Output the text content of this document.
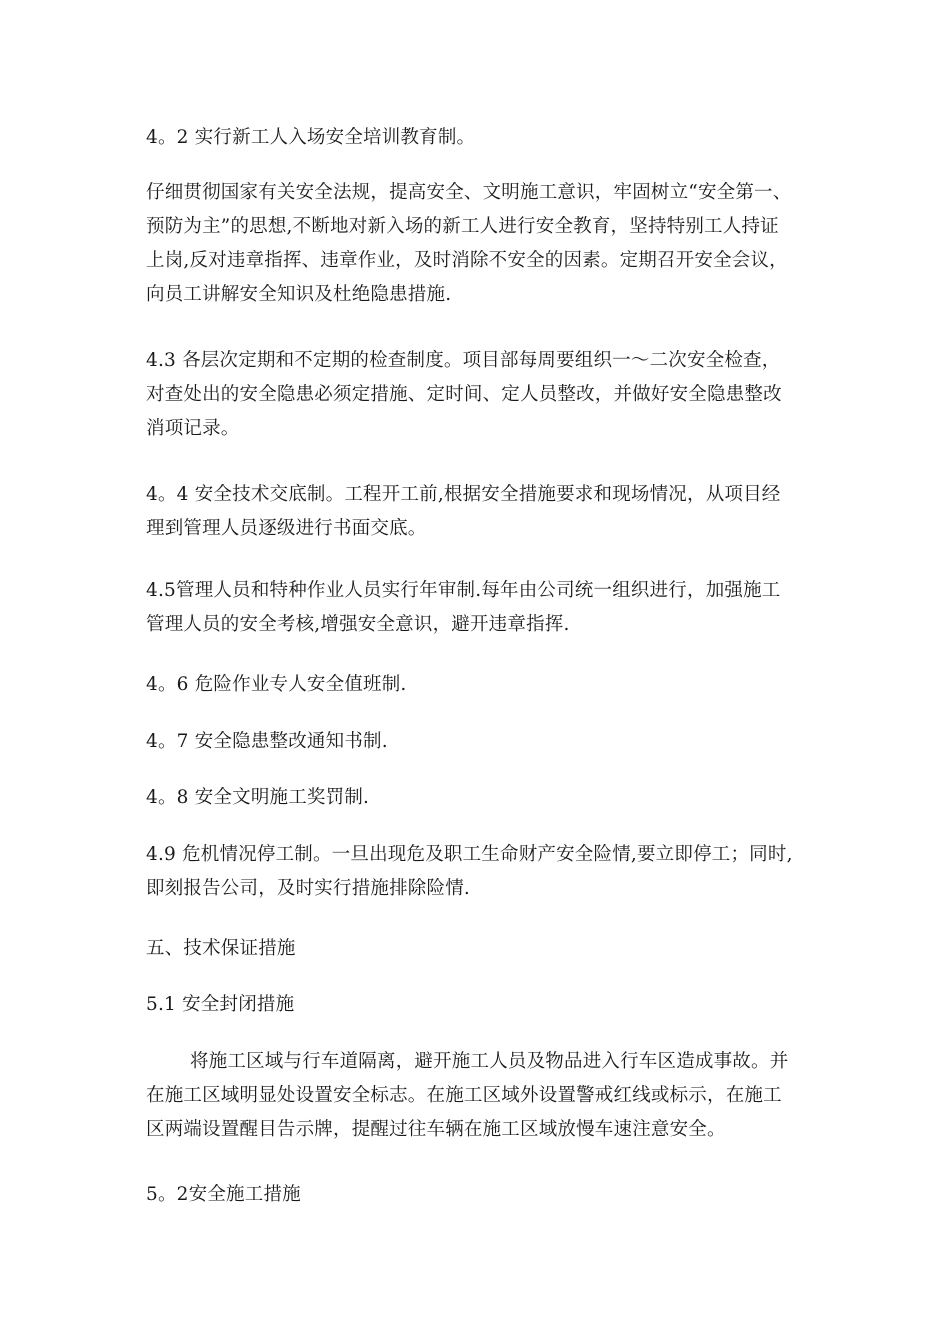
4。2 实行新工人入场安全培训教育制。

仔细贯彻国家有关安全法规，提高安全、文明施工意识，牢固树立“安全第一、
预防为主”的思想,不断地对新入场的新工人进行安全教育，坚持特别工人持证
上岗,反对违章指挥、违章作业，及时消除不安全的因素。定期召开安全会议，
向员工讲解安全知识及杜绝隐患措施.

4.3 各层次定期和不定期的检查制度。项目部每周要组织一～二次安全检查，
对查处出的安全隐患必须定措施、定时间、定人员整改，并做好安全隐患整改
消项记录。

4。4 安全技术交底制。工程开工前,根据安全措施要求和现场情况，从项目经
理到管理人员逐级进行书面交底。

4.5管理人员和特种作业人员实行年审制.每年由公司统一组织进行，加强施工
管理人员的安全考核,增强安全意识，避开违章指挥.

4。6 危险作业专人安全值班制.

4。7 安全隐患整改通知书制.

4。8 安全文明施工奖罚制.

4.9 危机情况停工制。一旦出现危及职工生命财产安全险情,要立即停工；同时,
即刻报告公司，及时实行措施排除险情.

五、技术保证措施

5.1 安全封闭措施

将施工区域与行车道隔离，避开施工人员及物品进入行车区造成事故。并
在施工区域明显处设置安全标志。在施工区域外设置警戒红线或标示，在施工
区两端设置醒目告示牌，提醒过往车辆在施工区域放慢车速注意安全。

5。2安全施工措施
